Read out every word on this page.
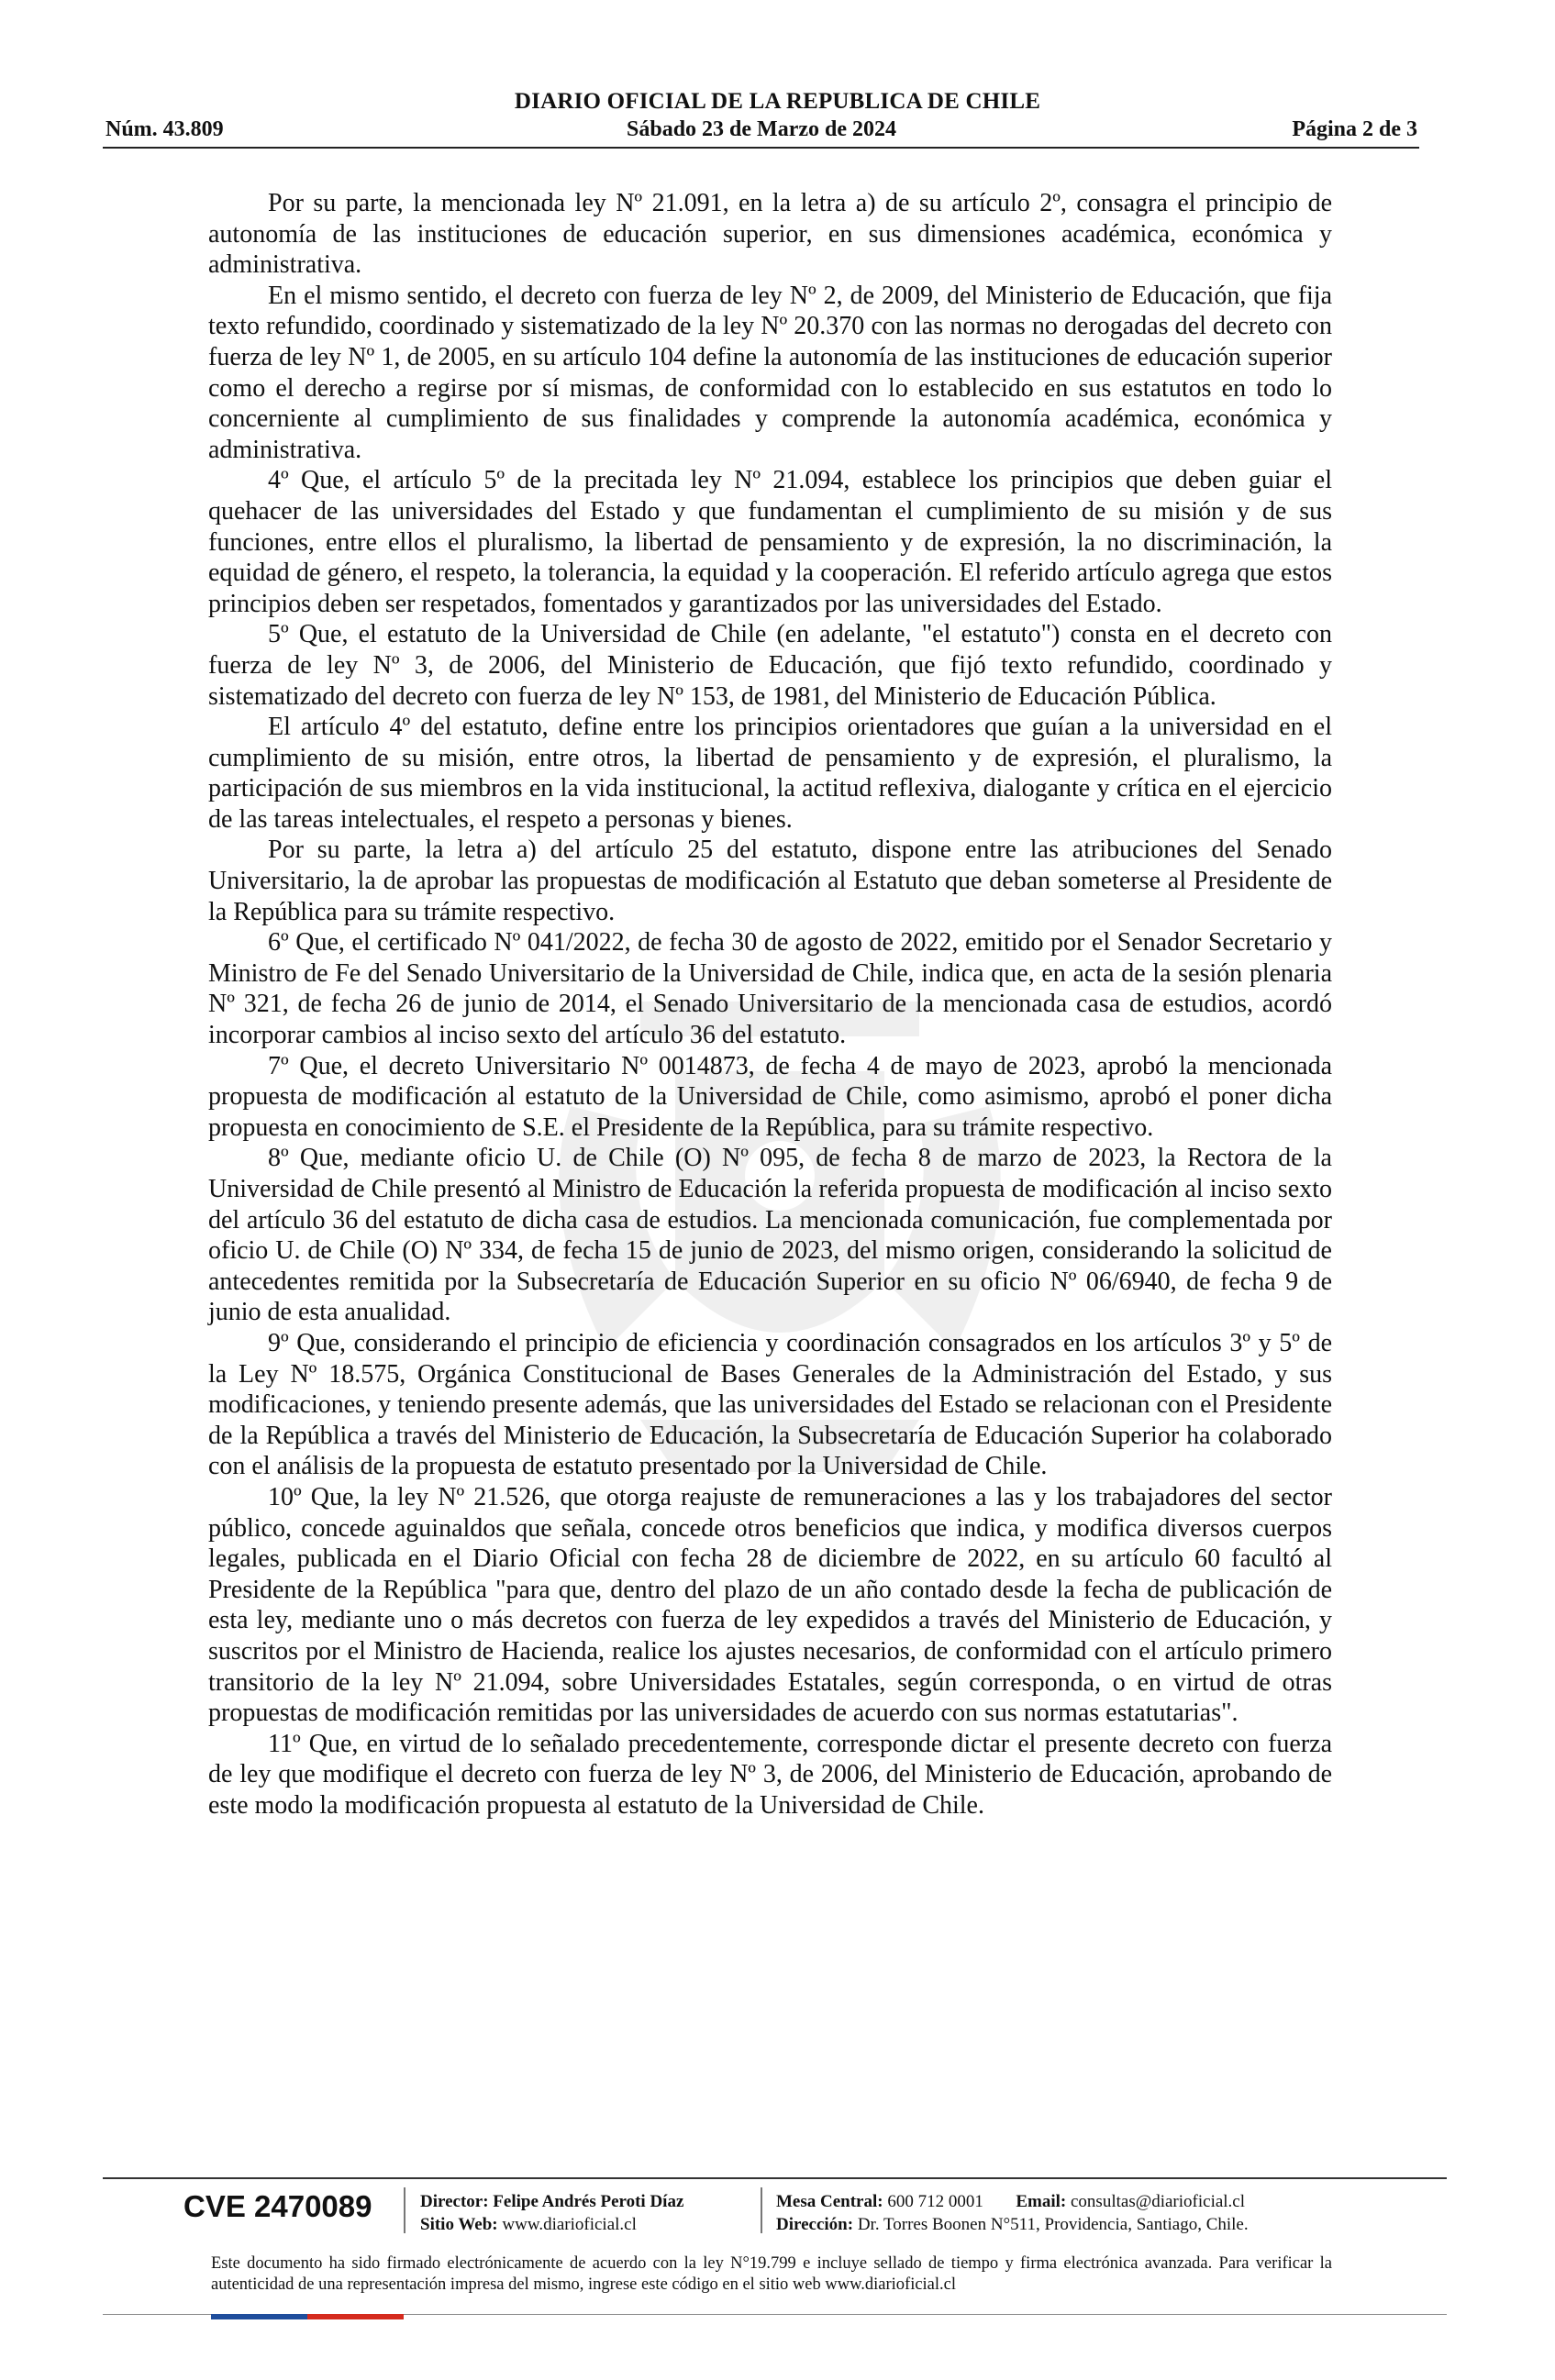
DIARIO OFICIAL DE LA REPUBLICA DE CHILE
Núm. 43.809	Sábado 23 de Marzo de 2024	Página 2 de 3

Por su parte, la mencionada ley Nº 21.091, en la letra a) de su artículo 2º, consagra el principio de autonomía de las instituciones de educación superior, en sus dimensiones académica, económica y administrativa.

En el mismo sentido, el decreto con fuerza de ley Nº 2, de 2009, del Ministerio de Educación, que fija texto refundido, coordinado y sistematizado de la ley Nº 20.370 con las normas no derogadas del decreto con fuerza de ley Nº 1, de 2005, en su artículo 104 define la autonomía de las instituciones de educación superior como el derecho a regirse por sí mismas, de conformidad con lo establecido en sus estatutos en todo lo concerniente al cumplimiento de sus finalidades y comprende la autonomía académica, económica y administrativa.

4º Que, el artículo 5º de la precitada ley Nº 21.094, establece los principios que deben guiar el quehacer de las universidades del Estado y que fundamentan el cumplimiento de su misión y de sus funciones, entre ellos el pluralismo, la libertad de pensamiento y de expresión, la no discriminación, la equidad de género, el respeto, la tolerancia, la equidad y la cooperación. El referido artículo agrega que estos principios deben ser respetados, fomentados y garantizados por las universidades del Estado.

5º Que, el estatuto de la Universidad de Chile (en adelante, "el estatuto") consta en el decreto con fuerza de ley Nº 3, de 2006, del Ministerio de Educación, que fijó texto refundido, coordinado y sistematizado del decreto con fuerza de ley Nº 153, de 1981, del Ministerio de Educación Pública.

El artículo 4º del estatuto, define entre los principios orientadores que guían a la universidad en el cumplimiento de su misión, entre otros, la libertad de pensamiento y de expresión, el pluralismo, la participación de sus miembros en la vida institucional, la actitud reflexiva, dialogante y crítica en el ejercicio de las tareas intelectuales, el respeto a personas y bienes.

Por su parte, la letra a) del artículo 25 del estatuto, dispone entre las atribuciones del Senado Universitario, la de aprobar las propuestas de modificación al Estatuto que deban someterse al Presidente de la República para su trámite respectivo.

6º Que, el certificado Nº 041/2022, de fecha 30 de agosto de 2022, emitido por el Senador Secretario y Ministro de Fe del Senado Universitario de la Universidad de Chile, indica que, en acta de la sesión plenaria Nº 321, de fecha 26 de junio de 2014, el Senado Universitario de la mencionada casa de estudios, acordó incorporar cambios al inciso sexto del artículo 36 del estatuto.

7º Que, el decreto Universitario Nº 0014873, de fecha 4 de mayo de 2023, aprobó la mencionada propuesta de modificación al estatuto de la Universidad de Chile, como asimismo, aprobó el poner dicha propuesta en conocimiento de S.E. el Presidente de la República, para su trámite respectivo.

8º Que, mediante oficio U. de Chile (O) Nº 095, de fecha 8 de marzo de 2023, la Rectora de la Universidad de Chile presentó al Ministro de Educación la referida propuesta de modificación al inciso sexto del artículo 36 del estatuto de dicha casa de estudios. La mencionada comunicación, fue complementada por oficio U. de Chile (O) Nº 334, de fecha 15 de junio de 2023, del mismo origen, considerando la solicitud de antecedentes remitida por la Subsecretaría de Educación Superior en su oficio Nº 06/6940, de fecha 9 de junio de esta anualidad.

9º Que, considerando el principio de eficiencia y coordinación consagrados en los artículos 3º y 5º de la Ley Nº 18.575, Orgánica Constitucional de Bases Generales de la Administración del Estado, y sus modificaciones, y teniendo presente además, que las universidades del Estado se relacionan con el Presidente de la República a través del Ministerio de Educación, la Subsecretaría de Educación Superior ha colaborado con el análisis de la propuesta de estatuto presentado por la Universidad de Chile.

10º Que, la ley Nº 21.526, que otorga reajuste de remuneraciones a las y los trabajadores del sector público, concede aguinaldos que señala, concede otros beneficios que indica, y modifica diversos cuerpos legales, publicada en el Diario Oficial con fecha 28 de diciembre de 2022, en su artículo 60 facultó al Presidente de la República "para que, dentro del plazo de un año contado desde la fecha de publicación de esta ley, mediante uno o más decretos con fuerza de ley expedidos a través del Ministerio de Educación, y suscritos por el Ministro de Hacienda, realice los ajustes necesarios, de conformidad con el artículo primero transitorio de la ley Nº 21.094, sobre Universidades Estatales, según corresponda, o en virtud de otras propuestas de modificación remitidas por las universidades de acuerdo con sus normas estatutarias".

11º Que, en virtud de lo señalado precedentemente, corresponde dictar el presente decreto con fuerza de ley que modifique el decreto con fuerza de ley Nº 3, de 2006, del Ministerio de Educación, aprobando de este modo la modificación propuesta al estatuto de la Universidad de Chile.

CVE 2470089	Director: Felipe Andrés Peroti Díaz
Sitio Web: www.diarioficial.cl
Mesa Central: 600 712 0001 Email: consultas@diarioficial.cl
Dirección: Dr. Torres Boonen N°511, Providencia, Santiago, Chile.
Este documento ha sido firmado electrónicamente de acuerdo con la ley N°19.799 e incluye sellado de tiempo y firma electrónica avanzada. Para verificar la autenticidad de una representación impresa del mismo, ingrese este código en el sitio web www.diarioficial.cl
